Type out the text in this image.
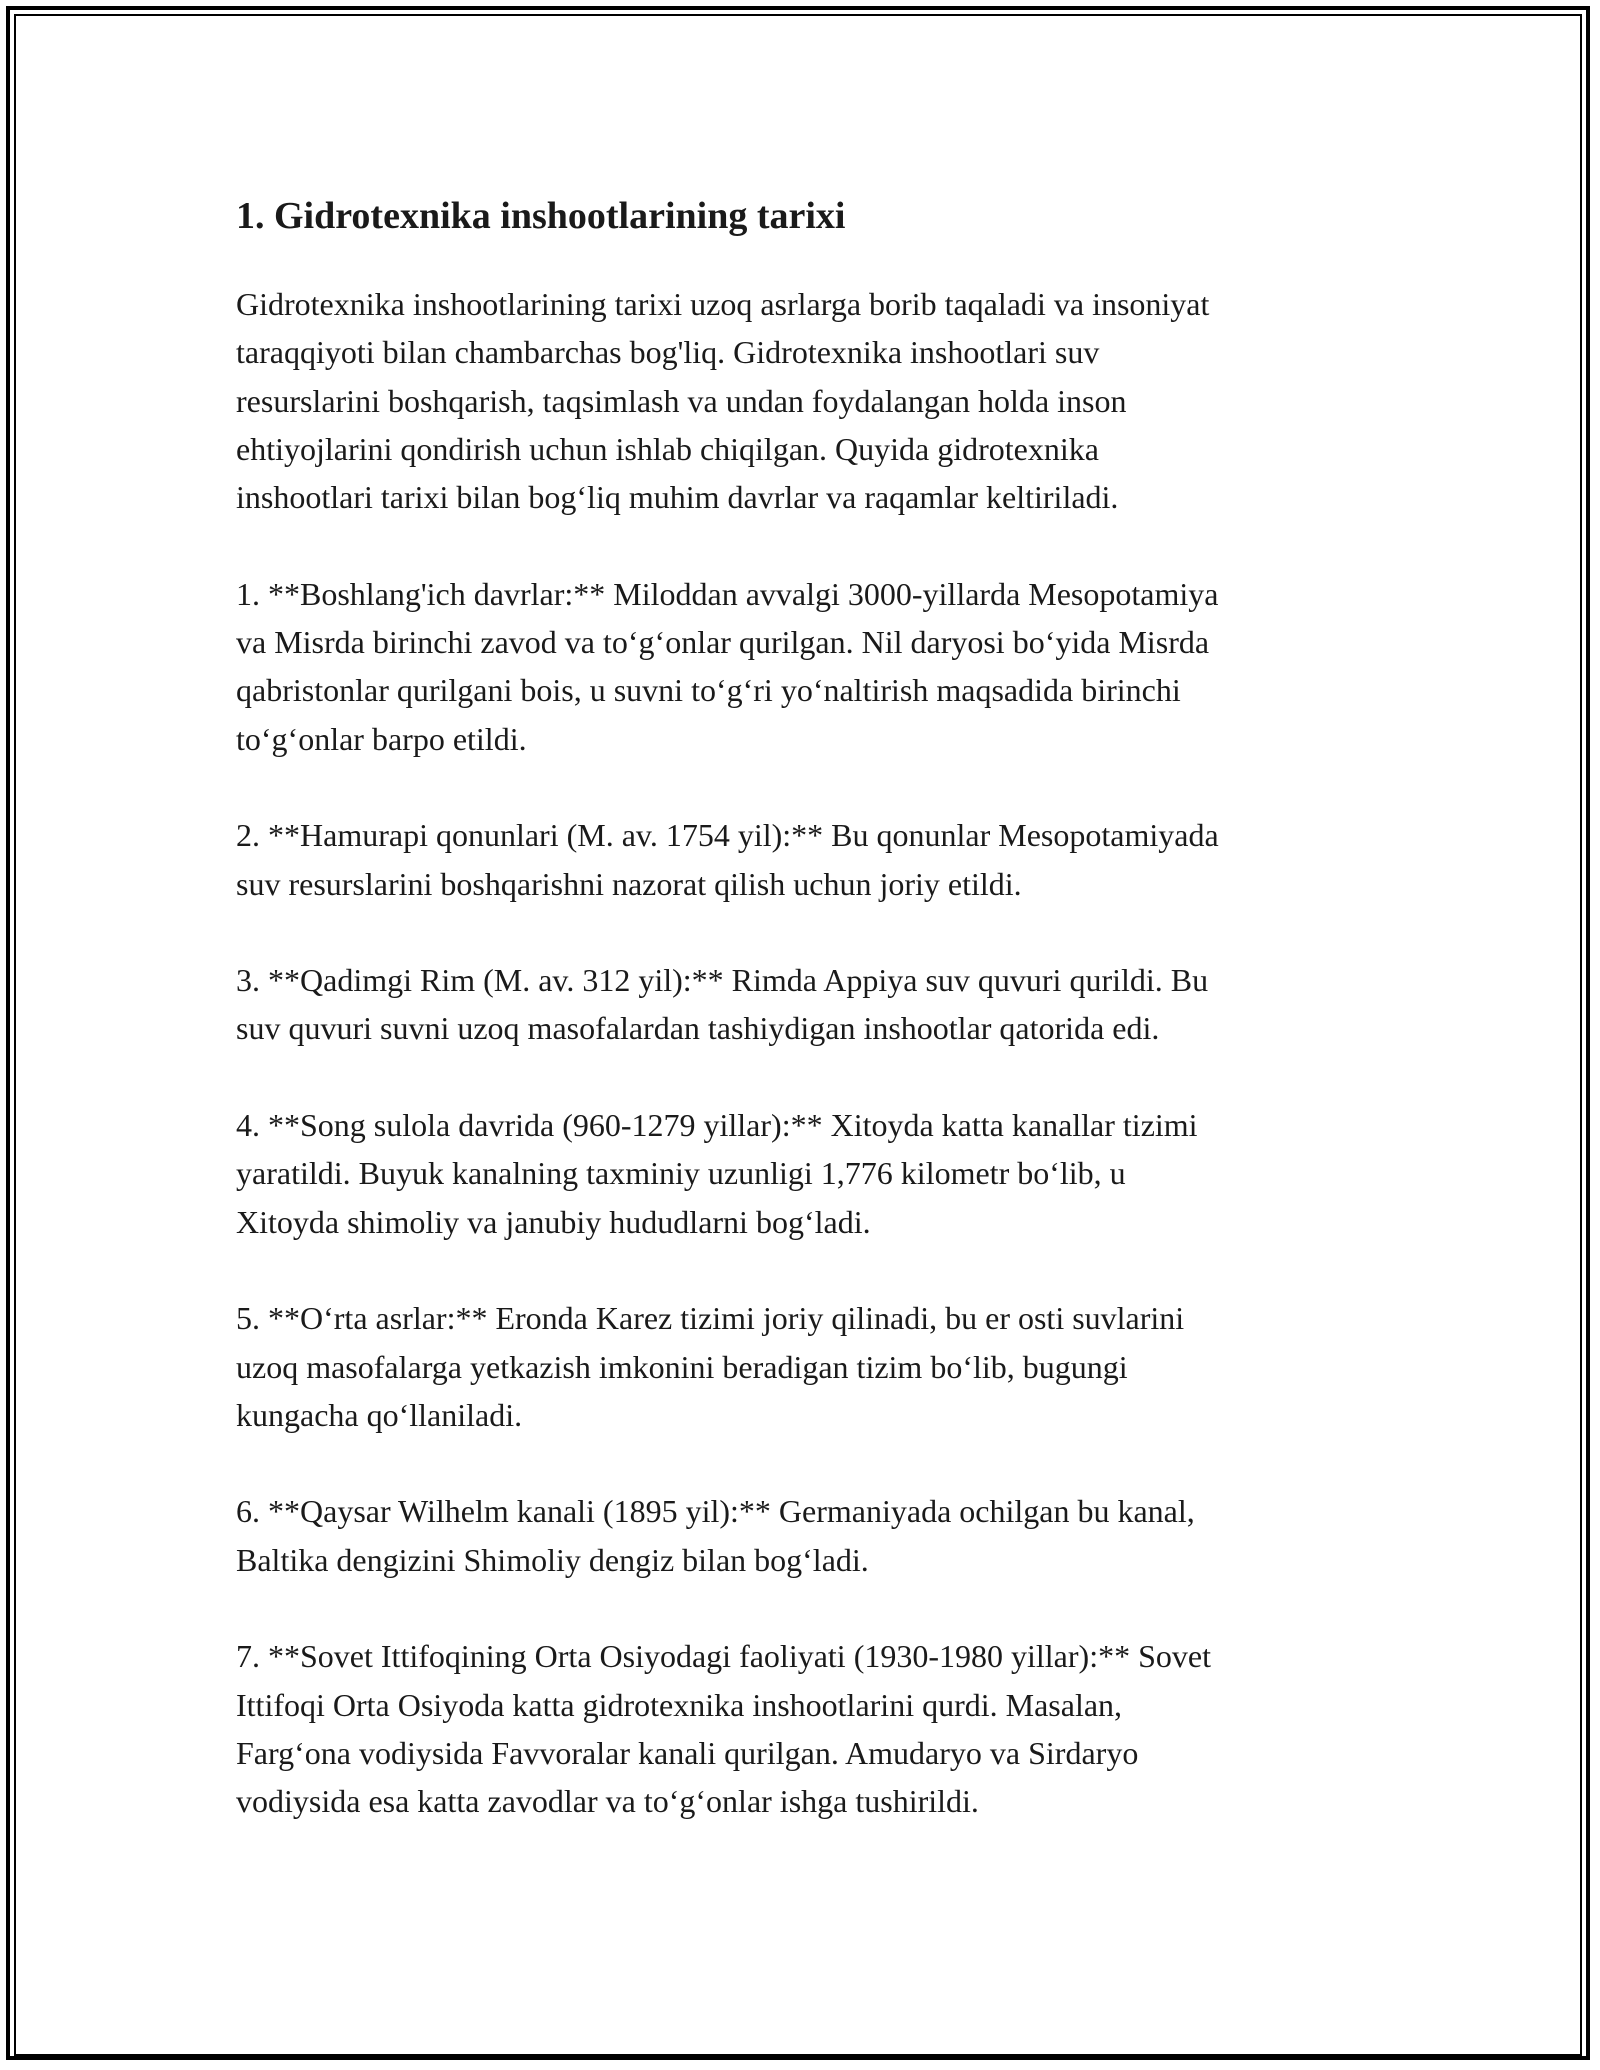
1. Gidrotexnika inshootlarining tarixi

Gidrotexnika inshootlarining tarixi uzoq asrlarga borib taqaladi va insoniyat
taraqqiyoti bilan chambarchas bog'liq. Gidrotexnika inshootlari suv
resurslarini boshqarish, taqsimlash va undan foydalangan holda inson
ehtiyojlarini qondirish uchun ishlab chiqilgan. Quyida gidrotexnika
inshootlari tarixi bilan bog‘liq muhim davrlar va raqamlar keltiriladi.

1. **Boshlang'ich davrlar:** Miloddan avvalgi 3000-yillarda Mesopotamiya
va Misrda birinchi zavod va to‘g‘onlar qurilgan. Nil daryosi bo‘yida Misrda
qabristonlar qurilgani bois, u suvni to‘g‘ri yo‘naltirish maqsadida birinchi
to‘g‘onlar barpo etildi.

2. **Hamurapi qonunlari (M. av. 1754 yil):** Bu qonunlar Mesopotamiyada
suv resurslarini boshqarishni nazorat qilish uchun joriy etildi.

3. **Qadimgi Rim (M. av. 312 yil):** Rimda Appiya suv quvuri qurildi. Bu
suv quvuri suvni uzoq masofalardan tashiydigan inshootlar qatorida edi.

4. **Song sulola davrida (960-1279 yillar):** Xitoyda katta kanallar tizimi
yaratildi. Buyuk kanalning taxminiy uzunligi 1,776 kilometr bo‘lib, u
Xitoyda shimoliy va janubiy hududlarni bog‘ladi.

5. **O‘rta asrlar:** Eronda Karez tizimi joriy qilinadi, bu er osti suvlarini
uzoq masofalarga yetkazish imkonini beradigan tizim bo‘lib, bugungi
kungacha qo‘llaniladi.

6. **Qaysar Wilhelm kanali (1895 yil):** Germaniyada ochilgan bu kanal,
Baltika dengizini Shimoliy dengiz bilan bog‘ladi.

7. **Sovet Ittifoqining Orta Osiyodagi faoliyati (1930-1980 yillar):** Sovet
Ittifoqi Orta Osiyoda katta gidrotexnika inshootlarini qurdi. Masalan,
Farg‘ona vodiysida Favvoralar kanali qurilgan. Amudaryo va Sirdaryo
vodiysida esa katta zavodlar va to‘g‘onlar ishga tushirildi.
